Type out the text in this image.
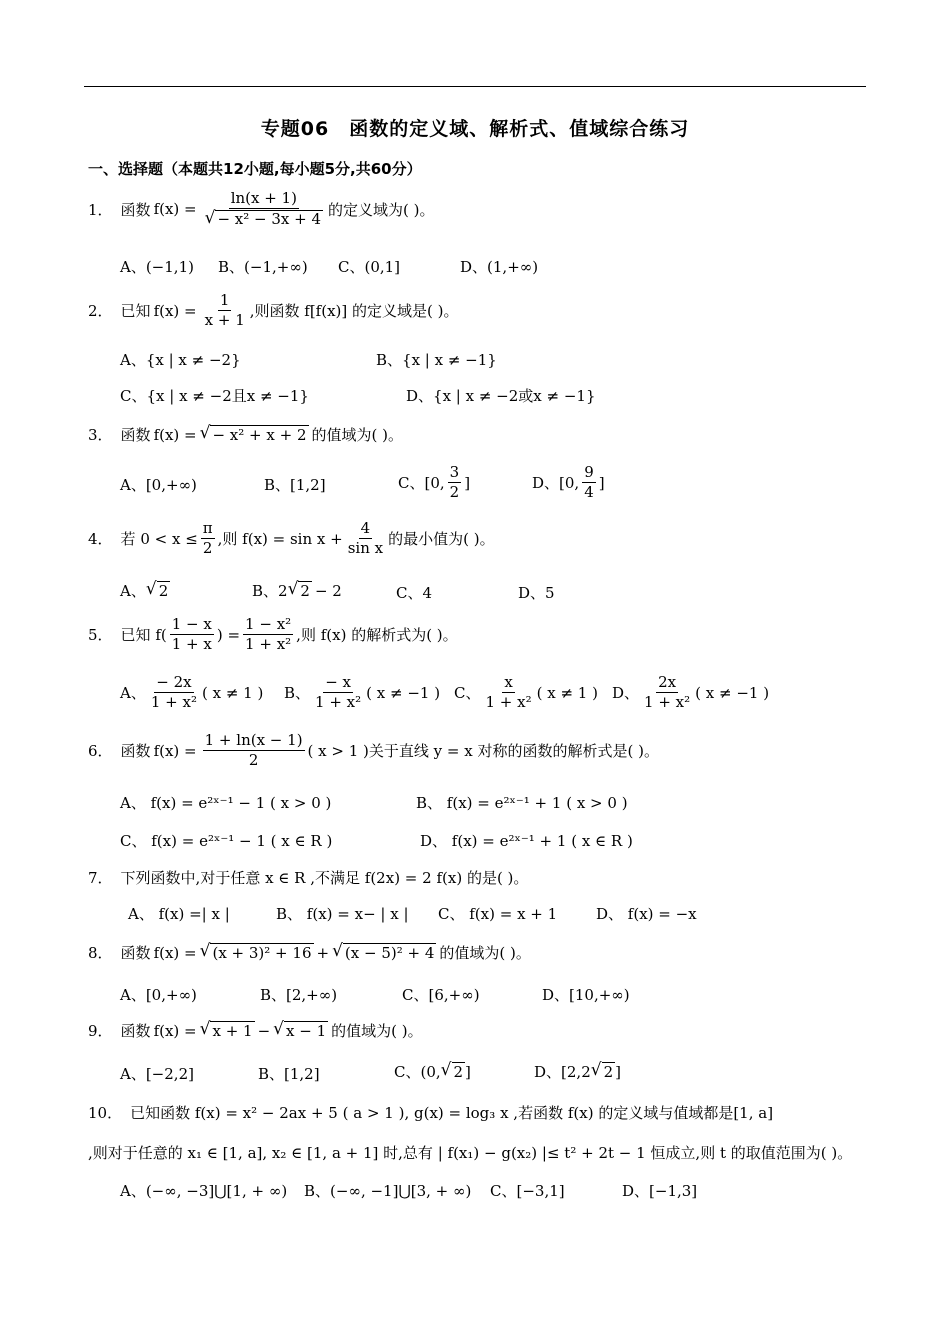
专题06　函数的定义域、解析式、值域综合练习
一、选择题（本题共12小题,每小题5分,共60分）
1． 函数 $f(x) = \frac{\ln(x + 1)}{\text{√ − x² − 3x + 4}}$ 的定义域为( )。
A、(−1,1) B、(−1,+∞) C、(0,1]	D、(1,+∞)
2． 已知 $f(x) = \frac{1}{x + 1}$ ,则函数 f[f(x)] 的定义域是( )。
A、{x | x ≠ −2}	B、{x | x ≠ −1}
C、{x | x ≠ −2且x ≠ −1}	D、{x | x ≠ −2或x ≠ −1}
3． 函数 f(x) = √ − x² + x + 2 的值域为( )。
A、[0,+∞)	B、[1,2]	C、[0, $\frac{3}{2}$ ]	D、[0, $\frac{9}{4}$ ]
4． 若 $0 < x \le \frac{\pi}{2}$ ,则 $f(x) = \sin x + \frac{4}{\text{sin x}}$ 的最小值为( )。
A、 √ 2	B、2 √ 2 − 2	C、4	D、5
5． 已知 $f( \frac{1 - x}{1 + x}$ ) = $\frac{\text{1 − x²}}{\text{1 + x²}}$ ,则 f(x) 的解析式为( )。
A、 $\frac{- 2x}{\text{1 + x²}}$ ( x ≠ 1 ) B、 $\frac{- x}{\text{1 + x²}}$ ( x ≠ −1 ) C、 $\frac{x}{\text{1 + x²}}$ ( x ≠ 1 ) D、 $\frac{2x}{\text{1 + x²}}$ ( x ≠ −1 )
6． 函数 $f(x) = \frac{1 + \ln(x - 1)}{2}$ ( x > 1 )关于直线 y = x 对称的函数的解析式是( )。
A、 f(x) = e²ˣ⁻¹ − 1 ( x > 0 )	B、 f(x) = e²ˣ⁻¹ + 1 ( x > 0 )
C、 f(x) = e²ˣ⁻¹ − 1 ( x ∈ R )	D、 f(x) = e²ˣ⁻¹ + 1 ( x ∈ R )
7． 下列函数中,对于任意 x ∈ R ,不满足 f(2x) = 2 f(x) 的是( )。
A、 f(x) =| x |	B、 f(x) = x− | x | C、 f(x) = x + 1	D、 f(x) = −x
8． 函数 f(x) = √ (x + 3)² + 16 + √ (x − 5)² + 4 的值域为( )。
A、[0,+∞)	B、[2,+∞)	C、[6,+∞)	D、[10,+∞)
9． 函数 f(x) = √ x + 1 − √ x − 1 的值域为( )。
A、[−2,2]	B、[1,2]	C、(0, √ 2 ]	D、[2,2 √ 2 ]
10． 已知函数 f(x) = x² − 2ax + 5 ( a > 1 ), g(x) = log₃ x ,若函数 f(x) 的定义域与值域都是[1, a]
,则对于任意的 x₁ ∈ [1, a], x₂ ∈ [1, a + 1] 时,总有 | f(x₁) − g(x₂) |≤ t² + 2t − 1 恒成立,则 t 的取值范围为( )。
A、(−∞, −3]⋃[1, + ∞) B、(−∞, −1]⋃[3, + ∞) C、[−3,1]	D、[−1,3]
